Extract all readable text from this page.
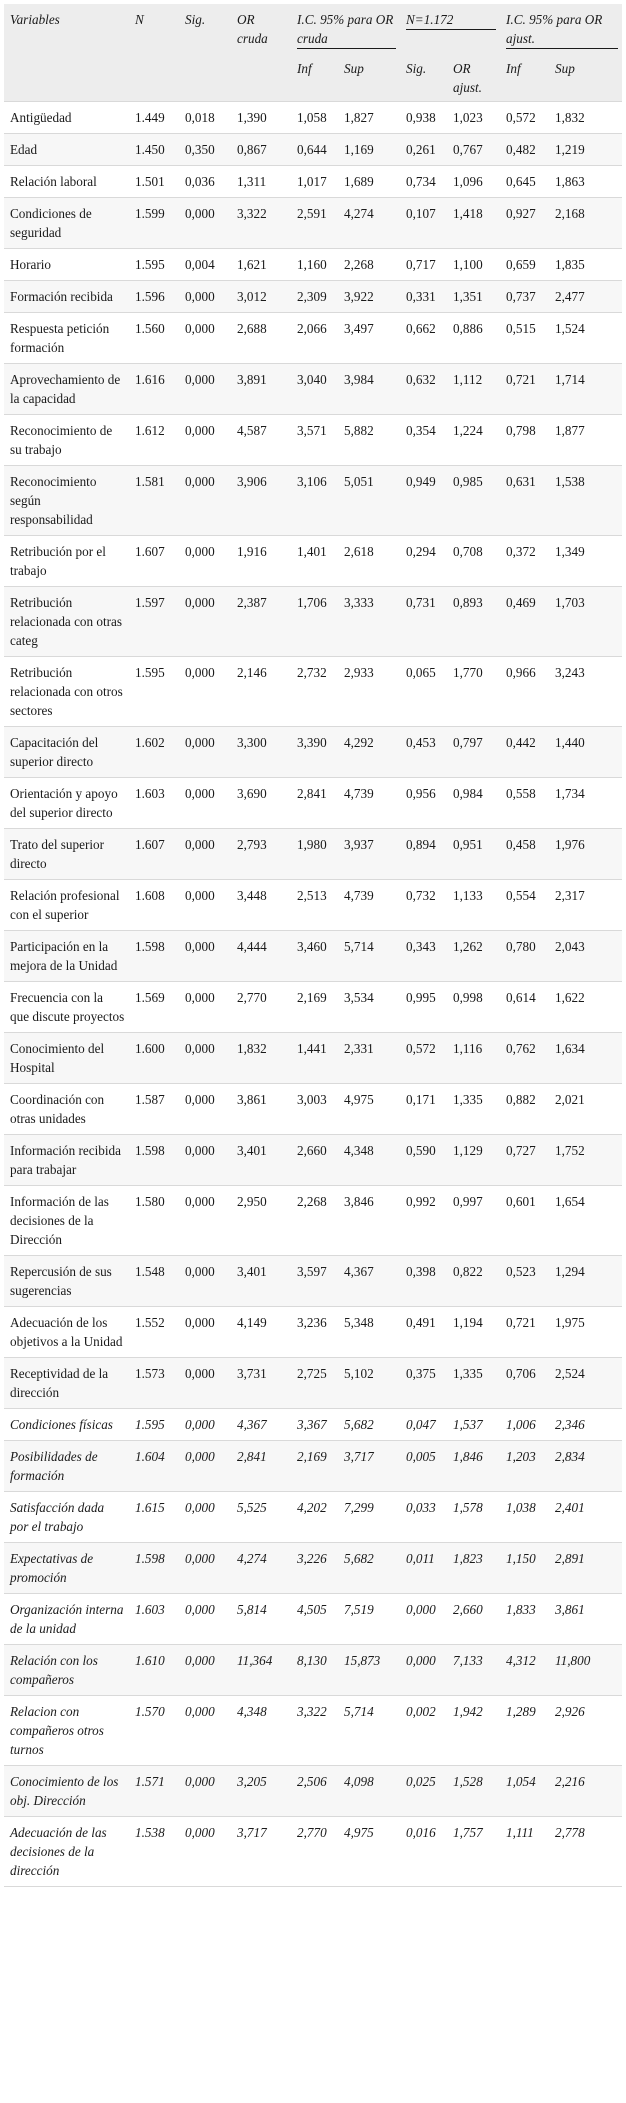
Variables	N	Sig.	OR cruda	I.C. 95% para OR cruda		N=1.172		I.C. 95% para OR ajust.	

				Inf	Sup	Sig.	OR ajust.	Inf	Sup
Antigüedad	1.449	0,018	1,390	1,058	1,827	0,938	1,023	0,572	1,832
Edad	1.450	0,350	0,867	0,644	1,169	0,261	0,767	0,482	1,219
Relación laboral	1.501	0,036	1,311	1,017	1,689	0,734	1,096	0,645	1,863
Condiciones de seguridad	1.599	0,000	3,322	2,591	4,274	0,107	1,418	0,927	2,168
Horario	1.595	0,004	1,621	1,160	2,268	0,717	1,100	0,659	1,835
Formación recibida	1.596	0,000	3,012	2,309	3,922	0,331	1,351	0,737	2,477
Respuesta petición formación	1.560	0,000	2,688	2,066	3,497	0,662	0,886	0,515	1,524
Aprovechamiento de la capacidad	1.616	0,000	3,891	3,040	3,984	0,632	1,112	0,721	1,714
Reconocimiento de su trabajo	1.612	0,000	4,587	3,571	5,882	0,354	1,224	0,798	1,877
Reconocimiento según responsabilidad	1.581	0,000	3,906	3,106	5,051	0,949	0,985	0,631	1,538
Retribución por el trabajo	1.607	0,000	1,916	1,401	2,618	0,294	0,708	0,372	1,349
Retribución relacionada con otras categ	1.597	0,000	2,387	1,706	3,333	0,731	0,893	0,469	1,703
Retribución relacionada con otros sectores	1.595	0,000	2,146	2,732	2,933	0,065	1,770	0,966	3,243
Capacitación del superior directo	1.602	0,000	3,300	3,390	4,292	0,453	0,797	0,442	1,440
Orientación y apoyo del superior directo	1.603	0,000	3,690	2,841	4,739	0,956	0,984	0,558	1,734
Trato del superior directo	1.607	0,000	2,793	1,980	3,937	0,894	0,951	0,458	1,976
Relación profesional con el superior	1.608	0,000	3,448	2,513	4,739	0,732	1,133	0,554	2,317
Participación en la mejora de la Unidad	1.598	0,000	4,444	3,460	5,714	0,343	1,262	0,780	2,043
Frecuencia con la que discute proyectos	1.569	0,000	2,770	2,169	3,534	0,995	0,998	0,614	1,622
Conocimiento del Hospital	1.600	0,000	1,832	1,441	2,331	0,572	1,116	0,762	1,634
Coordinación con otras unidades	1.587	0,000	3,861	3,003	4,975	0,171	1,335	0,882	2,021
Información recibida para trabajar	1.598	0,000	3,401	2,660	4,348	0,590	1,129	0,727	1,752
Información de las decisiones de la Dirección	1.580	0,000	2,950	2,268	3,846	0,992	0,997	0,601	1,654
Repercusión de sus sugerencias	1.548	0,000	3,401	3,597	4,367	0,398	0,822	0,523	1,294
Adecuación de los objetivos a la Unidad	1.552	0,000	4,149	3,236	5,348	0,491	1,194	0,721	1,975
Receptividad de la dirección	1.573	0,000	3,731	2,725	5,102	0,375	1,335	0,706	2,524
Condiciones físicas	1.595	0,000	4,367	3,367	5,682	0,047	1,537	1,006	2,346
Posibilidades de formación	1.604	0,000	2,841	2,169	3,717	0,005	1,846	1,203	2,834
Satisfacción dada por el trabajo	1.615	0,000	5,525	4,202	7,299	0,033	1,578	1,038	2,401
Expectativas de promoción	1.598	0,000	4,274	3,226	5,682	0,011	1,823	1,150	2,891
Organización interna de la unidad	1.603	0,000	5,814	4,505	7,519	0,000	2,660	1,833	3,861
Relación con los compañeros	1.610	0,000	11,364	8,130	15,873	0,000	7,133	4,312	11,800
Relacion con compañeros otros turnos	1.570	0,000	4,348	3,322	5,714	0,002	1,942	1,289	2,926
Conocimiento de los obj. Dirección	1.571	0,000	3,205	2,506	4,098	0,025	1,528	1,054	2,216
Adecuación de las decisiones de la dirección	1.538	0,000	3,717	2,770	4,975	0,016	1,757	1,111	2,778
